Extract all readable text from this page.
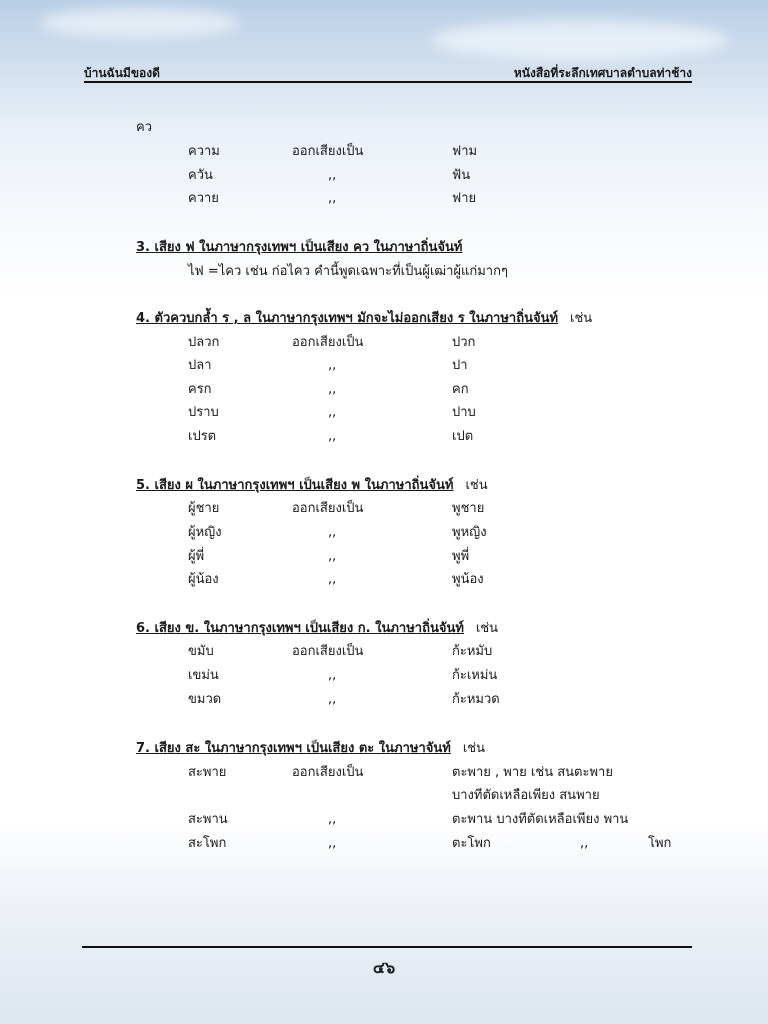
บ้านฉันมีของดี	หนังสือที่ระลึกเทศบาลตำบลท่าช้าง
คว
ความ	ออกเสียงเป็น	ฟาม
ควัน	,,	ฟัน
ควาย	,,	ฟาย
3. เสียง ฟ ในภาษากรุงเทพฯ เป็นเสียง คว ในภาษาถิ่นจันท์
ไฟ =ไคว เช่น ก่อไคว คำนี้พูดเฉพาะที่เป็นผู้เฒ่าผู้แก่มากๆ
4. ตัวควบกล้ำ ร , ล ในภาษากรุงเทพฯ มักจะไม่ออกเสียง ร ในภาษาถิ่นจันท์ เช่น
ปลวก	ออกเสียงเป็น	ปวก
ปลา	,,	ปา
ครก	,,	คก
ปราบ	,,	ปาบ
เปรต	,,	เปต
5. เสียง ผ ในภาษากรุงเทพฯ เป็นเสียง พ ในภาษาถิ่นจันท์ เช่น
ผู้ชาย	ออกเสียงเป็น	พูชาย
ผู้หญิง	,,	พูหญิง
ผู้พี่	,,	พูพี่
ผู้น้อง	,,	พูน้อง
6. เสียง ข. ในภาษากรุงเทพฯ เป็นเสียง ก. ในภาษาถิ่นจันท์ เช่น
ขมับ	ออกเสียงเป็น	ก้ะหมับ
เขม่น	,,	ก้ะเหม่น
ขมวด	,,	ก้ะหมวด
7. เสียง สะ ในภาษากรุงเทพฯ เป็นเสียง ตะ ในภาษาจันท์ เช่น
สะพาย	ออกเสียงเป็น	ตะพาย , พาย เช่น สนตะพาย
บางทีตัดเหลือเพียง สนพาย
สะพาน	,,	ตะพาน บางทีตัดเหลือเพียง พาน
สะโพก	,,	ตะโพก	,,	โพก
๔๖
